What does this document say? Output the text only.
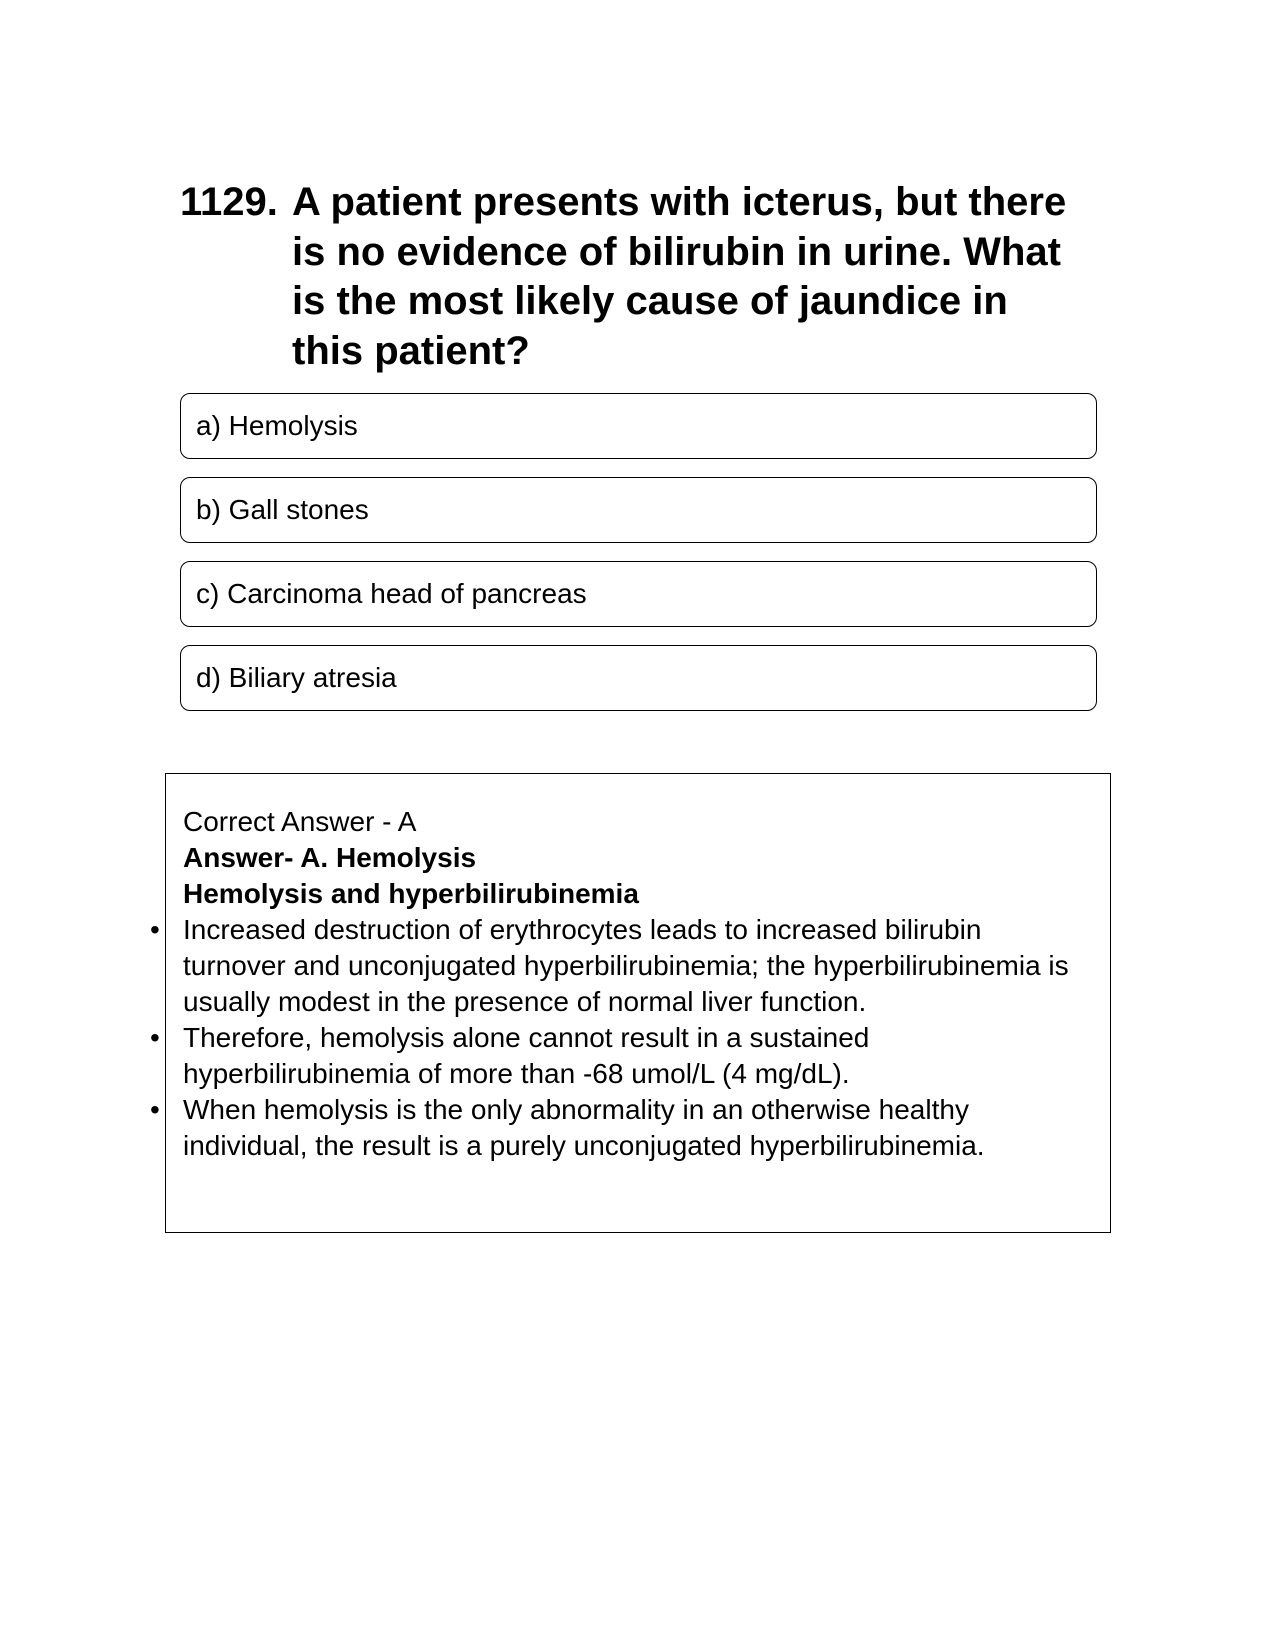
1129. A patient presents with icterus, but there is no evidence of bilirubin in urine. What is the most likely cause of jaundice in this patient?
a) Hemolysis
b) Gall stones
c) Carcinoma head of pancreas
d) Biliary atresia
Correct Answer - A
Answer- A. Hemolysis
Hemolysis and hyperbilirubinemia
• Increased destruction of erythrocytes leads to increased bilirubin turnover and unconjugated hyperbilirubinemia; the hyperbilirubinemia is usually modest in the presence of normal liver function.
• Therefore, hemolysis alone cannot result in a sustained hyperbilirubinemia of more than -68 umol/L (4 mg/dL).
• When hemolysis is the only abnormality in an otherwise healthy individual, the result is a purely unconjugated hyperbilirubinemia.
